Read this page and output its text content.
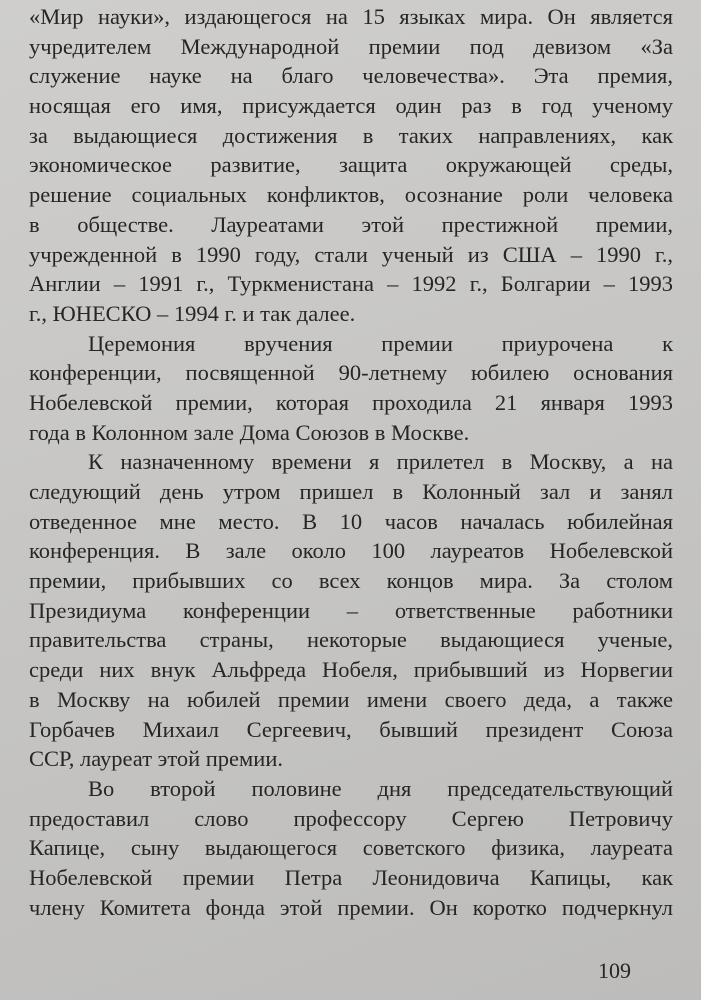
«Мир науки», издающегося на 15 языках мира. Он является
учредителем Международной премии под девизом «За
служение науке на благо человечества». Эта премия,
носящая его имя, присуждается один раз в год ученому
за выдающиеся достижения в таких направлениях, как
экономическое развитие, защита окружающей среды,
решение социальных конфликтов, осознание роли человека
в обществе. Лауреатами этой престижной премии,
учрежденной в 1990 году, стали ученый из США – 1990 г.,
Англии – 1991 г., Туркменистана – 1992 г., Болгарии – 1993
г., ЮНЕСКО – 1994 г. и так далее.
Церемония вручения премии приурочена к
конференции, посвященной 90-летнему юбилею основания
Нобелевской премии, которая проходила 21 января 1993
года в Колонном зале Дома Союзов в Москве.
К назначенному времени я прилетел в Москву, а на
следующий день утром пришел в Колонный зал и занял
отведенное мне место. В 10 часов началась юбилейная
конференция. В зале около 100 лауреатов Нобелевской
премии, прибывших со всех концов мира. За столом
Президиума конференции – ответственные работники
правительства страны, некоторые выдающиеся ученые,
среди них внук Альфреда Нобеля, прибывший из Норвегии
в Москву на юбилей премии имени своего деда, а также
Горбачев Михаил Сергеевич, бывший президент Союза
ССР, лауреат этой премии.
Во второй половине дня председательствующий
предоставил слово профессору Сергею Петровичу
Капице, сыну выдающегося советского физика, лауреата
Нобелевской премии Петра Леонидовича Капицы, как
члену Комитета фонда этой премии. Он коротко подчеркнул
109
